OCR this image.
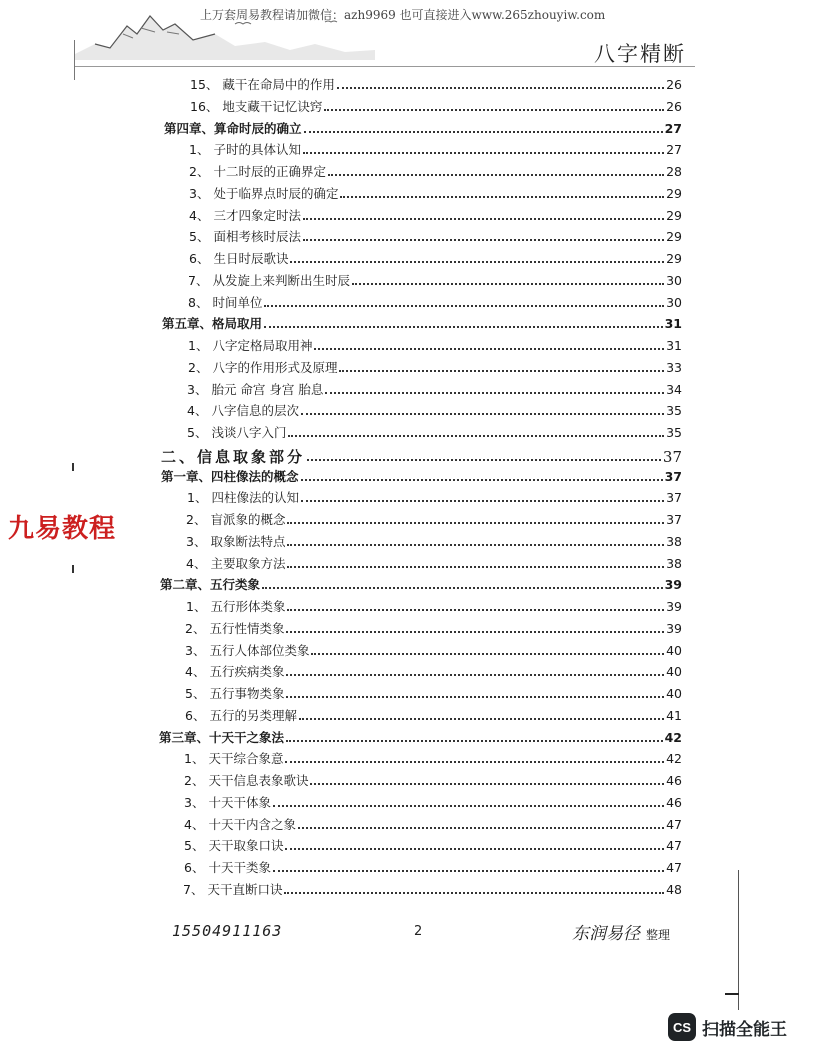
上万套周易教程请加微信：azh9969 也可直接进入www.265zhouyiw.com
八字精断
15、 藏干在命局中的作用	26
16、 地支藏干记忆诀窍	26
第四章、算命时辰的确立	27
1、 子时的具体认知	27
2、 十二时辰的正确界定	28
3、 处于临界点时辰的确定	29
4、 三才四象定时法	29
5、 面相考核时辰法	29
6、 生日时辰歌诀	29
7、 从发旋上来判断出生时辰	30
8、 时间单位	30
第五章、格局取用	31
1、 八字定格局取用神	31
2、 八字的作用形式及原理	33
3、 胎元 命宫 身宫 胎息	34
4、 八字信息的层次	35
5、 浅谈八字入门	35
二、信息取象部分	37
第一章、四柱像法的概念	37
1、 四柱像法的认知	37
2、 盲派象的概念	37
3、 取象断法特点	38
4、 主要取象方法	38
第二章、五行类象	39
1、 五行形体类象	39
2、 五行性情类象	39
3、 五行人体部位类象	40
4、 五行疾病类象	40
5、 五行事物类象	40
6、 五行的另类理解	41
第三章、十天干之象法	42
1、 天干综合象意	42
2、 天干信息表象歌诀	46
3、 十天干体象	46
4、 十天干内含之象	47
5、 天干取象口诀	47
6、 十天干类象	47
7、 天干直断口诀	48
九易教程
15504911163	2	东润易径 整理
CS 扫描全能王
